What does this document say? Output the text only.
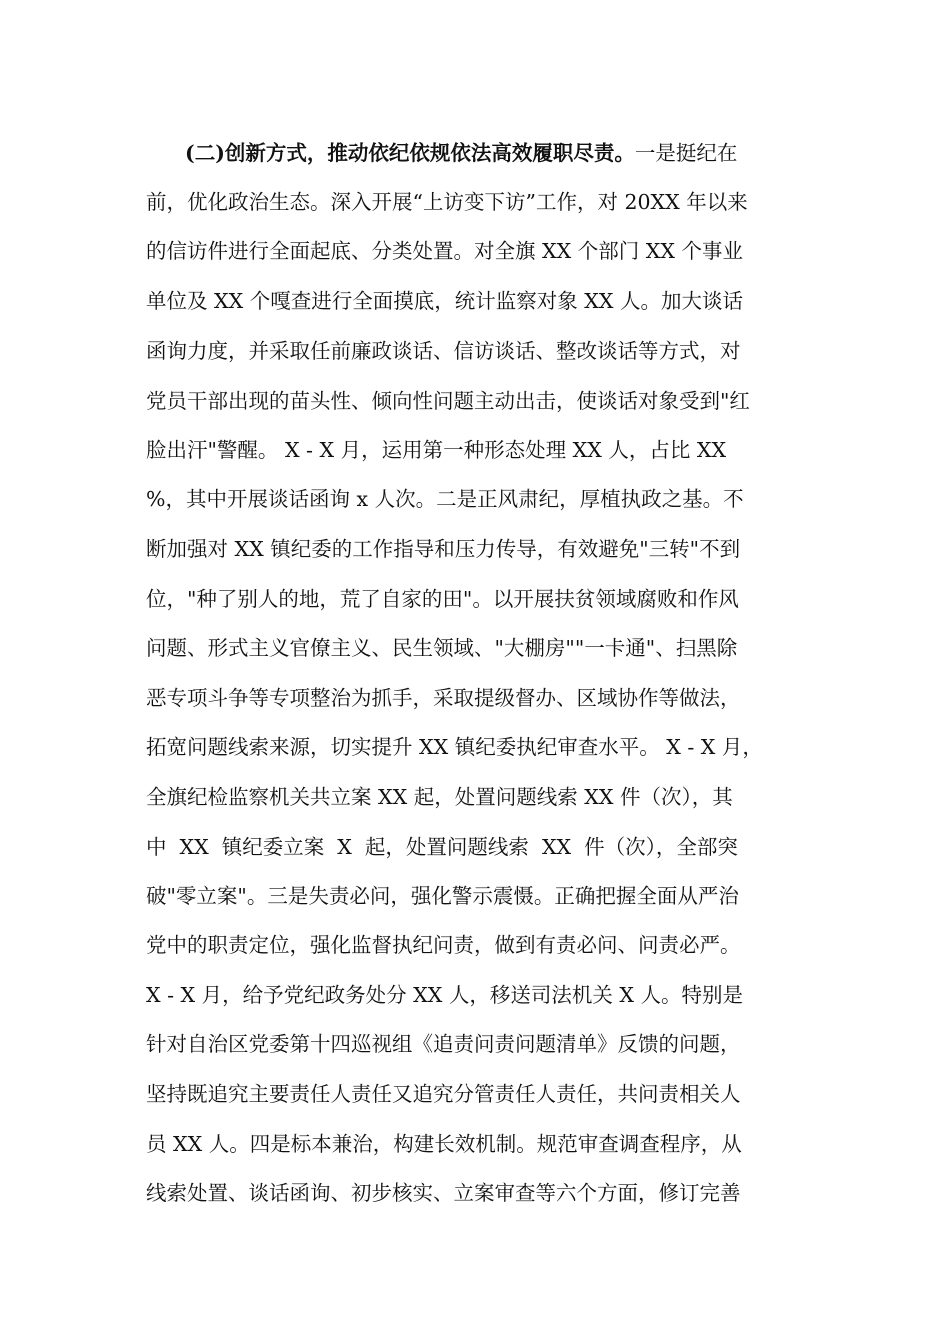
(二)创新方式，推动依纪依规依法高效履职尽责。一是挺纪在
前，优化政治生态。深入开展“上访变下访”工作，对 20XX 年以来
的信访件进行全面起底、分类处置。对全旗 XX 个部门 XX 个事业
单位及 XX 个嘎查进行全面摸底，统计监察对象 XX 人。加大谈话
函询力度，并采取任前廉政谈话、信访谈话、整改谈话等方式，对
党员干部出现的苗头性、倾向性问题主动出击，使谈话对象受到"红
脸出汗"警醒。 X - X 月，运用第一种形态处理 XX 人，占比 XX
%，其中开展谈话函询 x 人次。二是正风肃纪，厚植执政之基。不
断加强对 XX 镇纪委的工作指导和压力传导，有效避免"三转"不到
位，"种了别人的地，荒了自家的田"。以开展扶贫领域腐败和作风
问题、形式主义官僚主义、民生领域、"大棚房""一卡通"、扫黑除
恶专项斗争等专项整治为抓手，采取提级督办、区域协作等做法，
拓宽问题线索来源，切实提升 XX 镇纪委执纪审查水平。 X - X 月，
全旗纪检监察机关共立案 XX 起，处置问题线索 XX 件（次），其
中  XX  镇纪委立案  X  起，处置问题线索  XX  件（次），全部突
破"零立案"。三是失责必问，强化警示震慑。正确把握全面从严治
党中的职责定位，强化监督执纪问责，做到有责必问、问责必严。
X - X 月，给予党纪政务处分 XX 人，移送司法机关 X 人。特别是
针对自治区党委第十四巡视组《追责问责问题清单》反馈的问题，
坚持既追究主要责任人责任又追究分管责任人责任，共问责相关人
员 XX 人。四是标本兼治，构建长效机制。规范审查调查程序，从
线索处置、谈话函询、初步核实、立案审查等六个方面，修订完善
